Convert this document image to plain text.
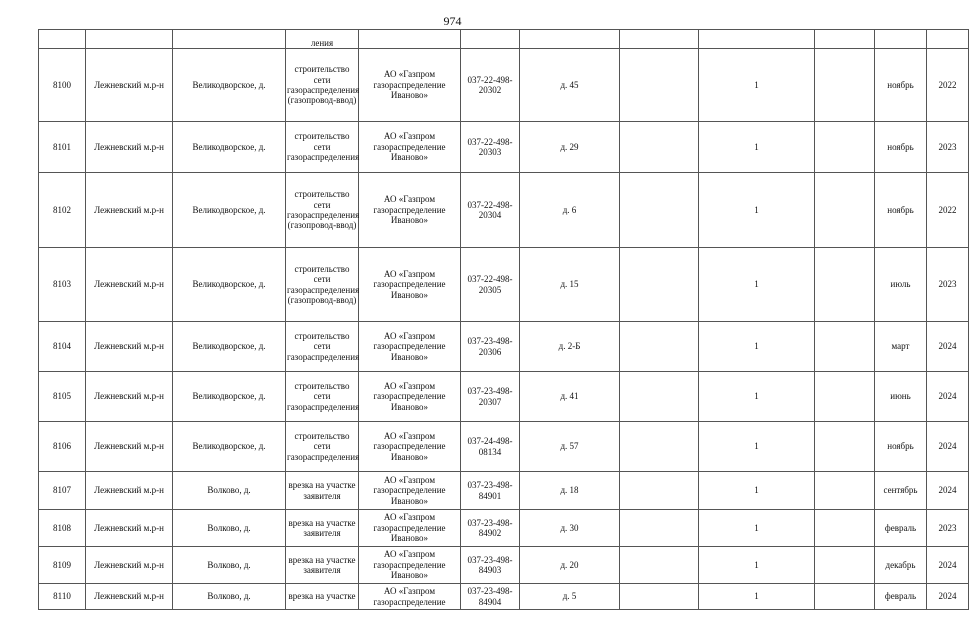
974
			ления								
8100	Лежневский м.р-н	Великодворское, д.	строительство сети газораспределения (газопровод-ввод)	АО «Газпром газораспределение Иваново»	037-22-498-20302	д. 45		1		ноябрь	2022
8101	Лежневский м.р-н	Великодворское, д.	строительство сети газораспределения	АО «Газпром газораспределение Иваново»	037-22-498-20303	д. 29		1		ноябрь	2023
8102	Лежневский м.р-н	Великодворское, д.	строительство сети газораспределения (газопровод-ввод)	АО «Газпром газораспределение Иваново»	037-22-498-20304	д. 6		1		ноябрь	2022
8103	Лежневский м.р-н	Великодворское, д.	строительство сети газораспределения (газопровод-ввод)	АО «Газпром газораспределение Иваново»	037-22-498-20305	д. 15		1		июль	2023
8104	Лежневский м.р-н	Великодворское, д.	строительство сети газораспределения	АО «Газпром газораспределение Иваново»	037-23-498-20306	д. 2-Б		1		март	2024
8105	Лежневский м.р-н	Великодворское, д.	строительство сети газораспределения	АО «Газпром газораспределение Иваново»	037-23-498-20307	д. 41		1		июнь	2024
8106	Лежневский м.р-н	Великодворское, д.	строительство сети газораспределения	АО «Газпром газораспределение Иваново»	037-24-498-08134	д. 57		1		ноябрь	2024
8107	Лежневский м.р-н	Волково, д.	врезка на участке заявителя	АО «Газпром газораспределение Иваново»	037-23-498-84901	д. 18		1		сентябрь	2024
8108	Лежневский м.р-н	Волково, д.	врезка на участке заявителя	АО «Газпром газораспределение Иваново»	037-23-498-84902	д. 30		1		февраль	2023
8109	Лежневский м.р-н	Волково, д.	врезка на участке заявителя	АО «Газпром газораспределение Иваново»	037-23-498-84903	д. 20		1		декабрь	2024
8110	Лежневский м.р-н	Волково, д.	врезка на участке	АО «Газпром газораспределение	037-23-498-84904	д. 5		1		февраль	2024
